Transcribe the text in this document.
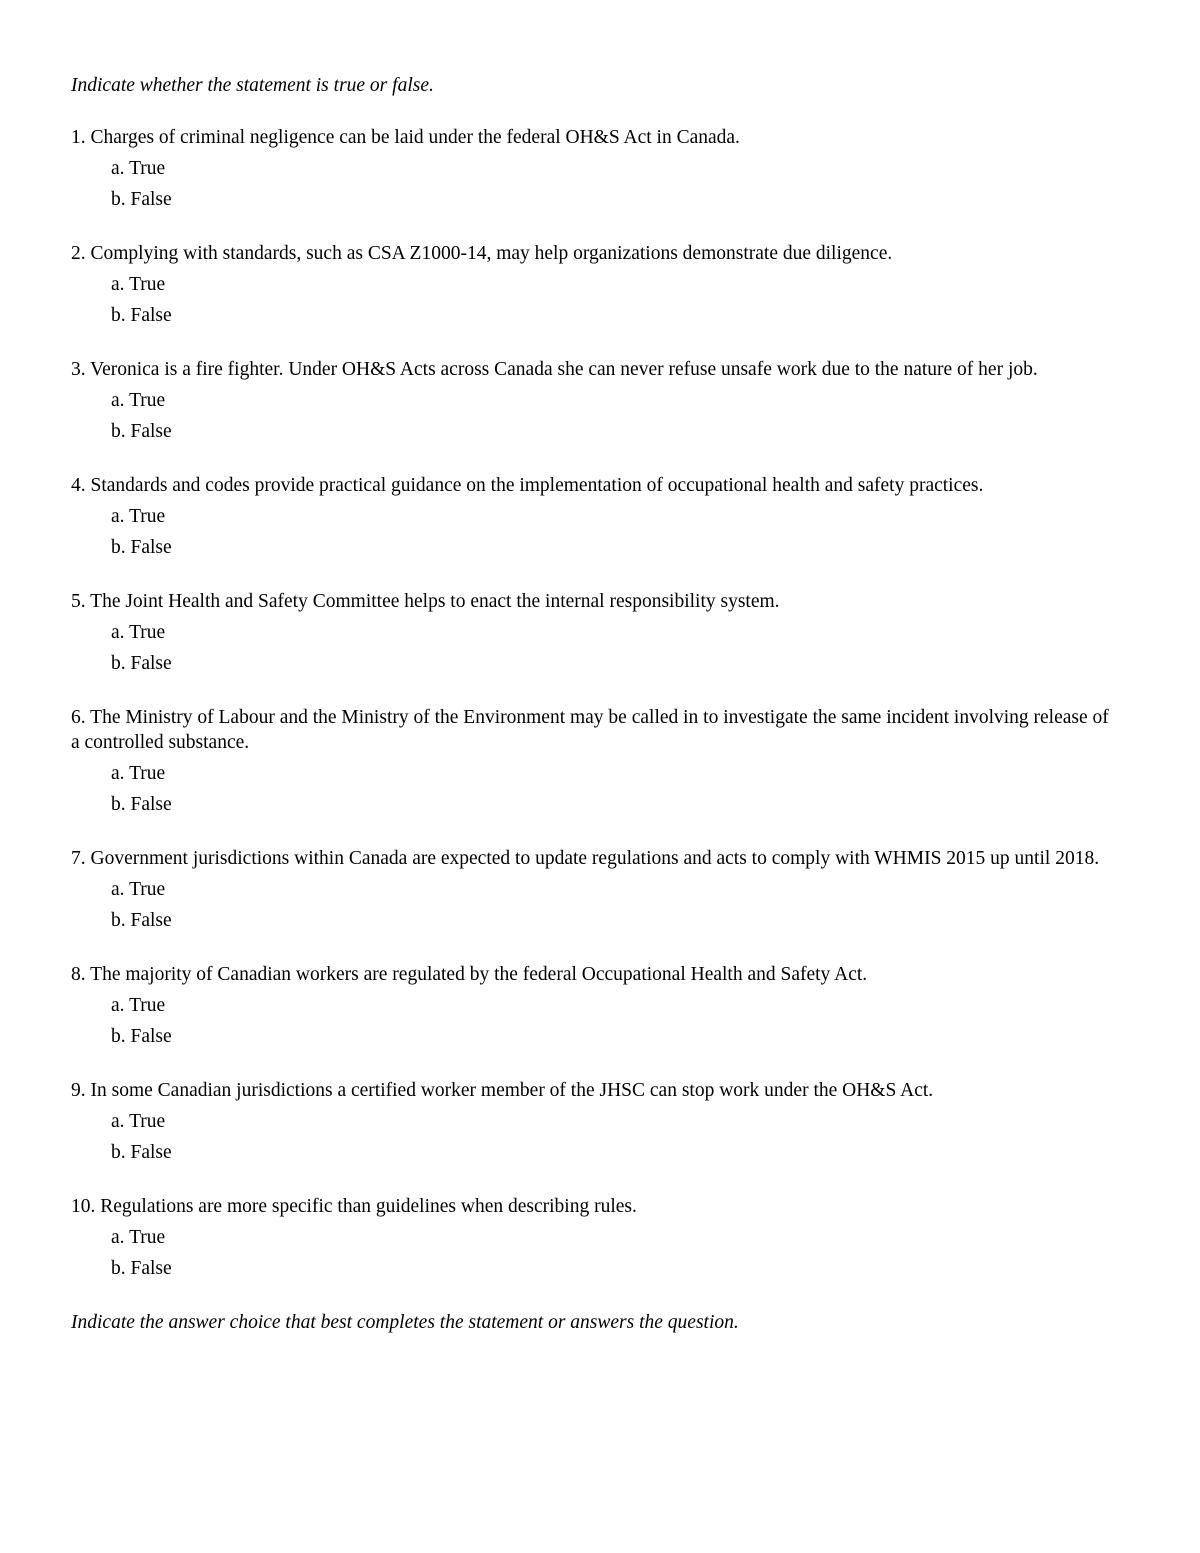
Indicate whether the statement is true or false.

1. Charges of criminal negligence can be laid under the federal OH&S Act in Canada.

a. True
b. False

2. Complying with standards, such as CSA Z1000-14, may help organizations demonstrate due diligence.

a. True
b. False

3. Veronica is a fire fighter. Under OH&S Acts across Canada she can never refuse unsafe work due to the nature of her job.

a. True
b. False

4. Standards and codes provide practical guidance on the implementation of occupational health and safety practices.

a. True
b. False

5. The Joint Health and Safety Committee helps to enact the internal responsibility system.

a. True
b. False

6. The Ministry of Labour and the Ministry of the Environment may be called in to investigate the same incident involving release of a controlled substance.

a. True
b. False

7. Government jurisdictions within Canada are expected to update regulations and acts to comply with WHMIS 2015 up until 2018.

a. True
b. False

8. The majority of Canadian workers are regulated by the federal Occupational Health and Safety Act.

a. True
b. False

9. In some Canadian jurisdictions a certified worker member of the JHSC can stop work under the OH&S Act.

a. True
b. False

10. Regulations are more specific than guidelines when describing rules.

a. True
b. False

Indicate the answer choice that best completes the statement or answers the question.
